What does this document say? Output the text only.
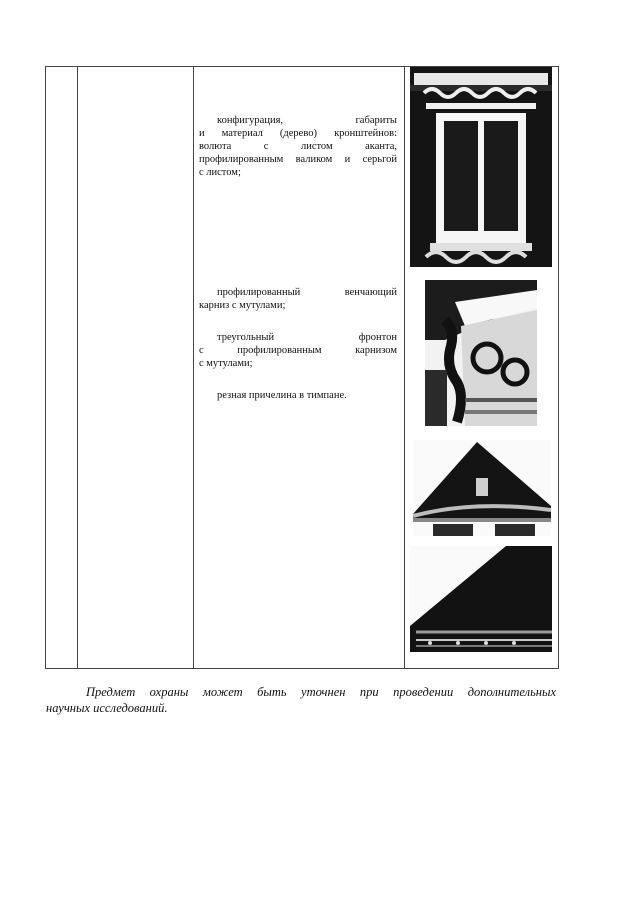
конфигурация, габариты
и материал (дерево) кронштейнов:
волюта с листом аканта,
профилированным валиком и серьгой
с листом;
профилированный венчающий
карниз с мутулами;
треугольный фронтон
с профилированным карнизом
с мутулами;
резная причелина в тимпане.
Предмет охраны может быть уточнен при проведении дополнительных
научных исследований.
